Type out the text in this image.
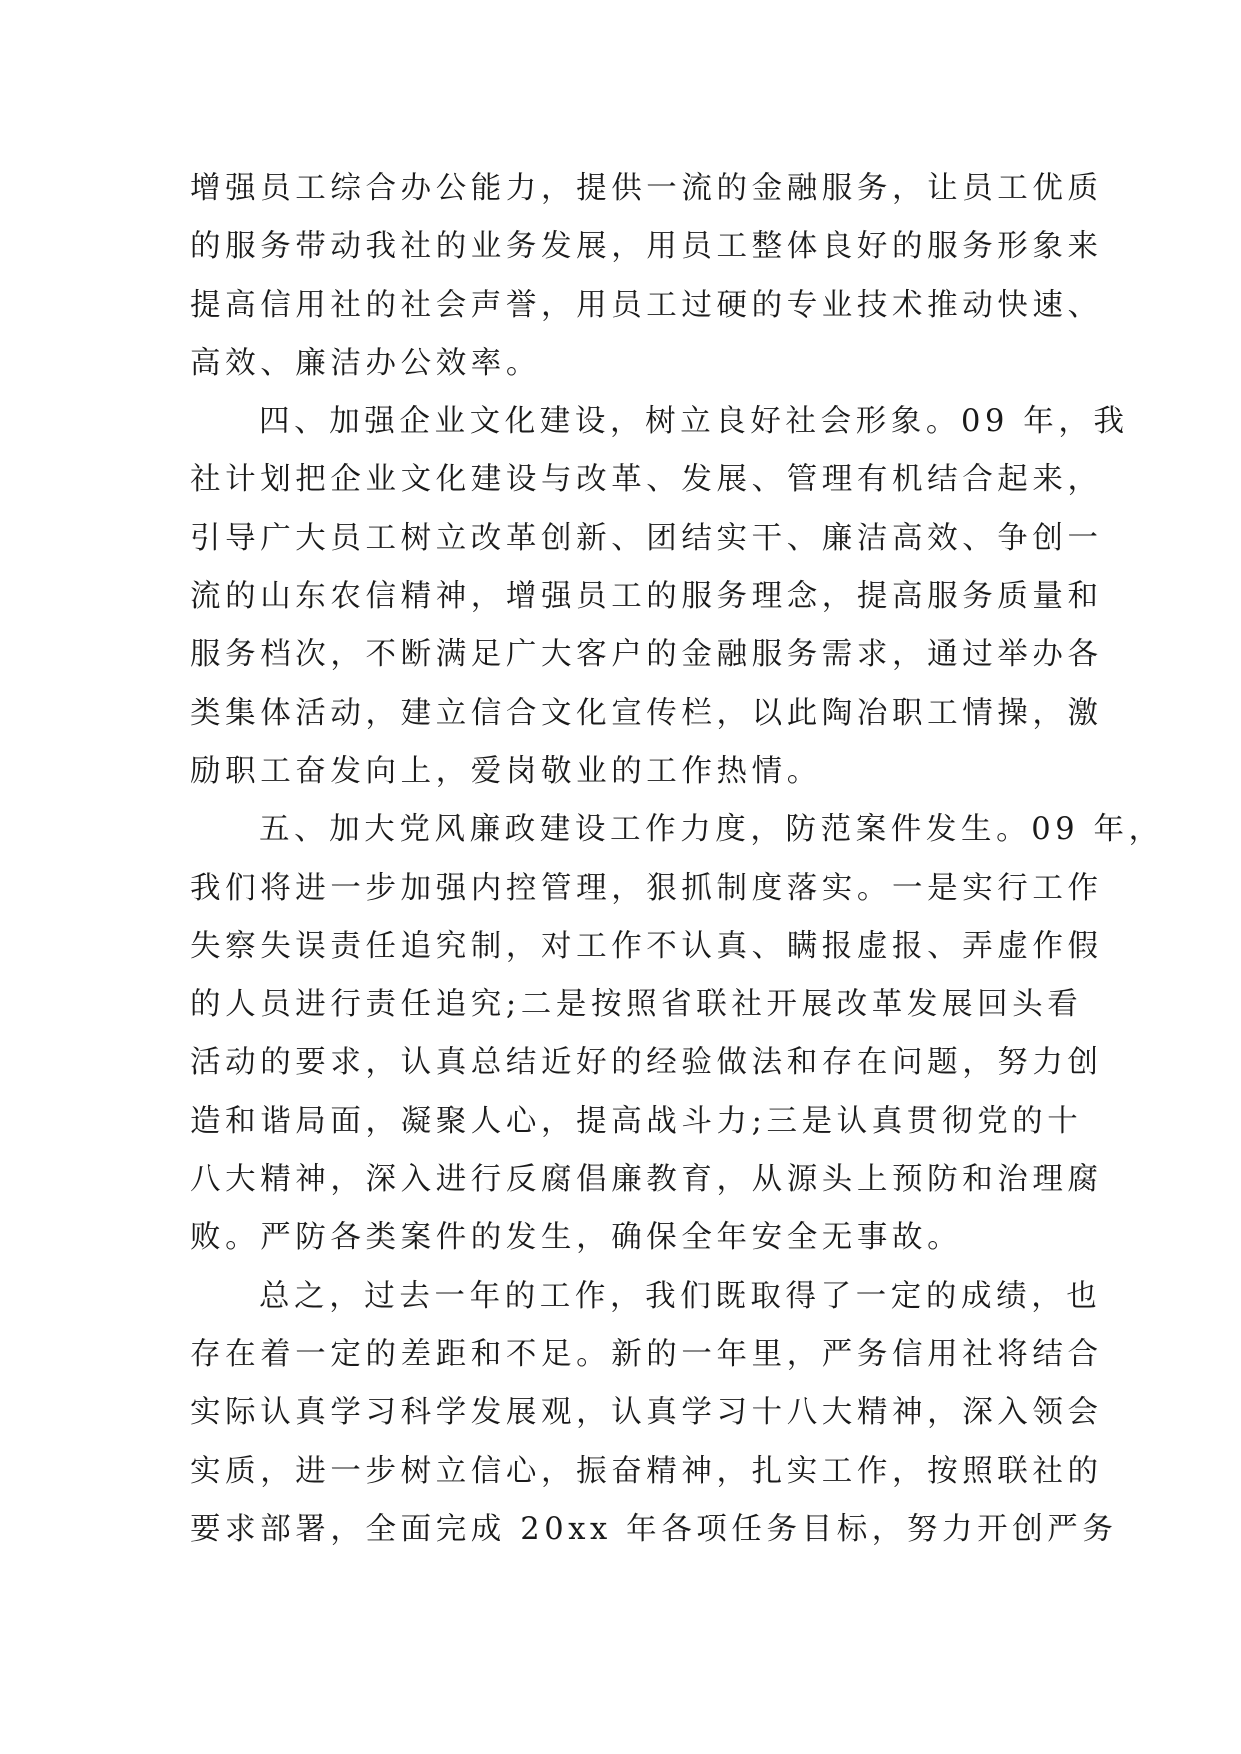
增强员工综合办公能力，提供一流的金融服务，让员工优质
的服务带动我社的业务发展，用员工整体良好的服务形象来
提高信用社的社会声誉，用员工过硬的专业技术推动快速、
高效、廉洁办公效率。
四、加强企业文化建设，树立良好社会形象。09 年，我
社计划把企业文化建设与改革、发展、管理有机结合起来，
引导广大员工树立改革创新、团结实干、廉洁高效、争创一
流的山东农信精神，增强员工的服务理念，提高服务质量和
服务档次，不断满足广大客户的金融服务需求，通过举办各
类集体活动，建立信合文化宣传栏，以此陶冶职工情操，激
励职工奋发向上，爱岗敬业的工作热情。
五、加大党风廉政建设工作力度，防范案件发生。09 年，
我们将进一步加强内控管理，狠抓制度落实。一是实行工作
失察失误责任追究制，对工作不认真、瞒报虚报、弄虚作假
的人员进行责任追究;二是按照省联社开展改革发展回头看
活动的要求，认真总结近好的经验做法和存在问题，努力创
造和谐局面，凝聚人心，提高战斗力;三是认真贯彻党的十
八大精神，深入进行反腐倡廉教育，从源头上预防和治理腐
败。严防各类案件的发生，确保全年安全无事故。
总之，过去一年的工作，我们既取得了一定的成绩，也
存在着一定的差距和不足。新的一年里，严务信用社将结合
实际认真学习科学发展观，认真学习十八大精神，深入领会
实质，进一步树立信心，振奋精神，扎实工作，按照联社的
要求部署，全面完成 20xx 年各项任务目标，努力开创严务
